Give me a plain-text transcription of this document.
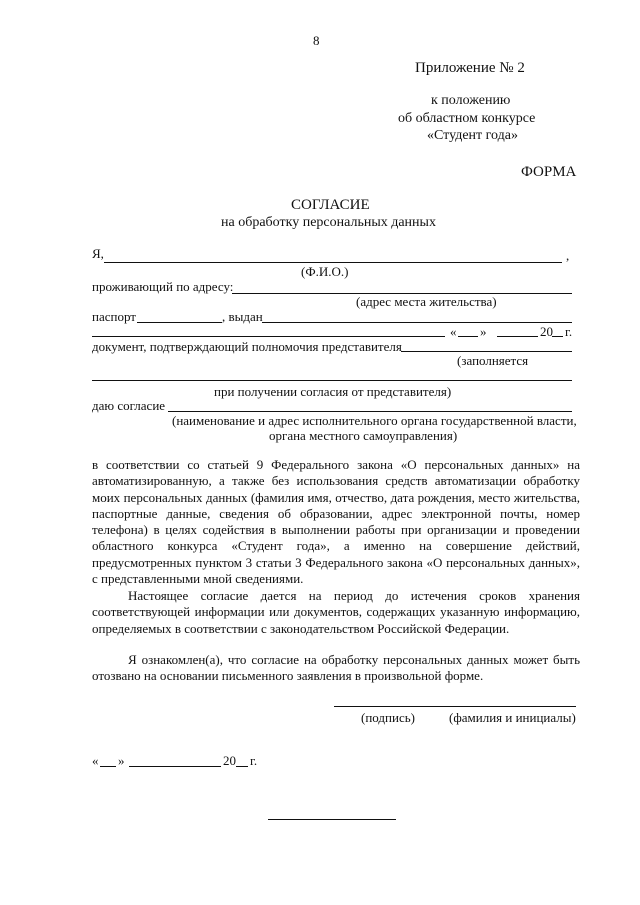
8
Приложение № 2
к положению
об областном конкурсе
«Студент года»
ФОРМА
СОГЛАСИЕ
на обработку персональных данных
Я,	,
(Ф.И.О.)
проживающий по адресу:
(адрес места жительства)
паспорт	, выдан
« »	20 г.
документ, подтверждающий полномочия представителя
(заполняется
при получении согласия от представителя)
даю согласие
(наименование и адрес исполнительного органа государственной власти,
органа местного самоуправления)

в соответствии со статьей 9 Федерального закона «О персональных данных» на автоматизированную, а также без использования средств автоматизации обработку моих персональных данных (фамилия имя, отчество, дата рождения, место жительства, паспортные данные, сведения об образовании, адрес электронной почты, номер телефона) в целях содействия в выполнении работы при организации и проведении областного конкурса «Студент года», а именно на совершение действий, предусмотренных пунктом 3 статьи 3 Федерального закона «О персональных данных», с представленными мной сведениями.

Настоящее согласие дается на период до истечения сроков хранения соответствующей информации или документов, содержащих указанную информацию, определяемых в соответствии с законодательством Российской Федерации.

Я ознакомлен(а), что согласие на обработку персональных данных может быть отозвано на основании письменного заявления в произвольной форме.

(подпись)	(фамилия и инициалы)
« »	20 г.
